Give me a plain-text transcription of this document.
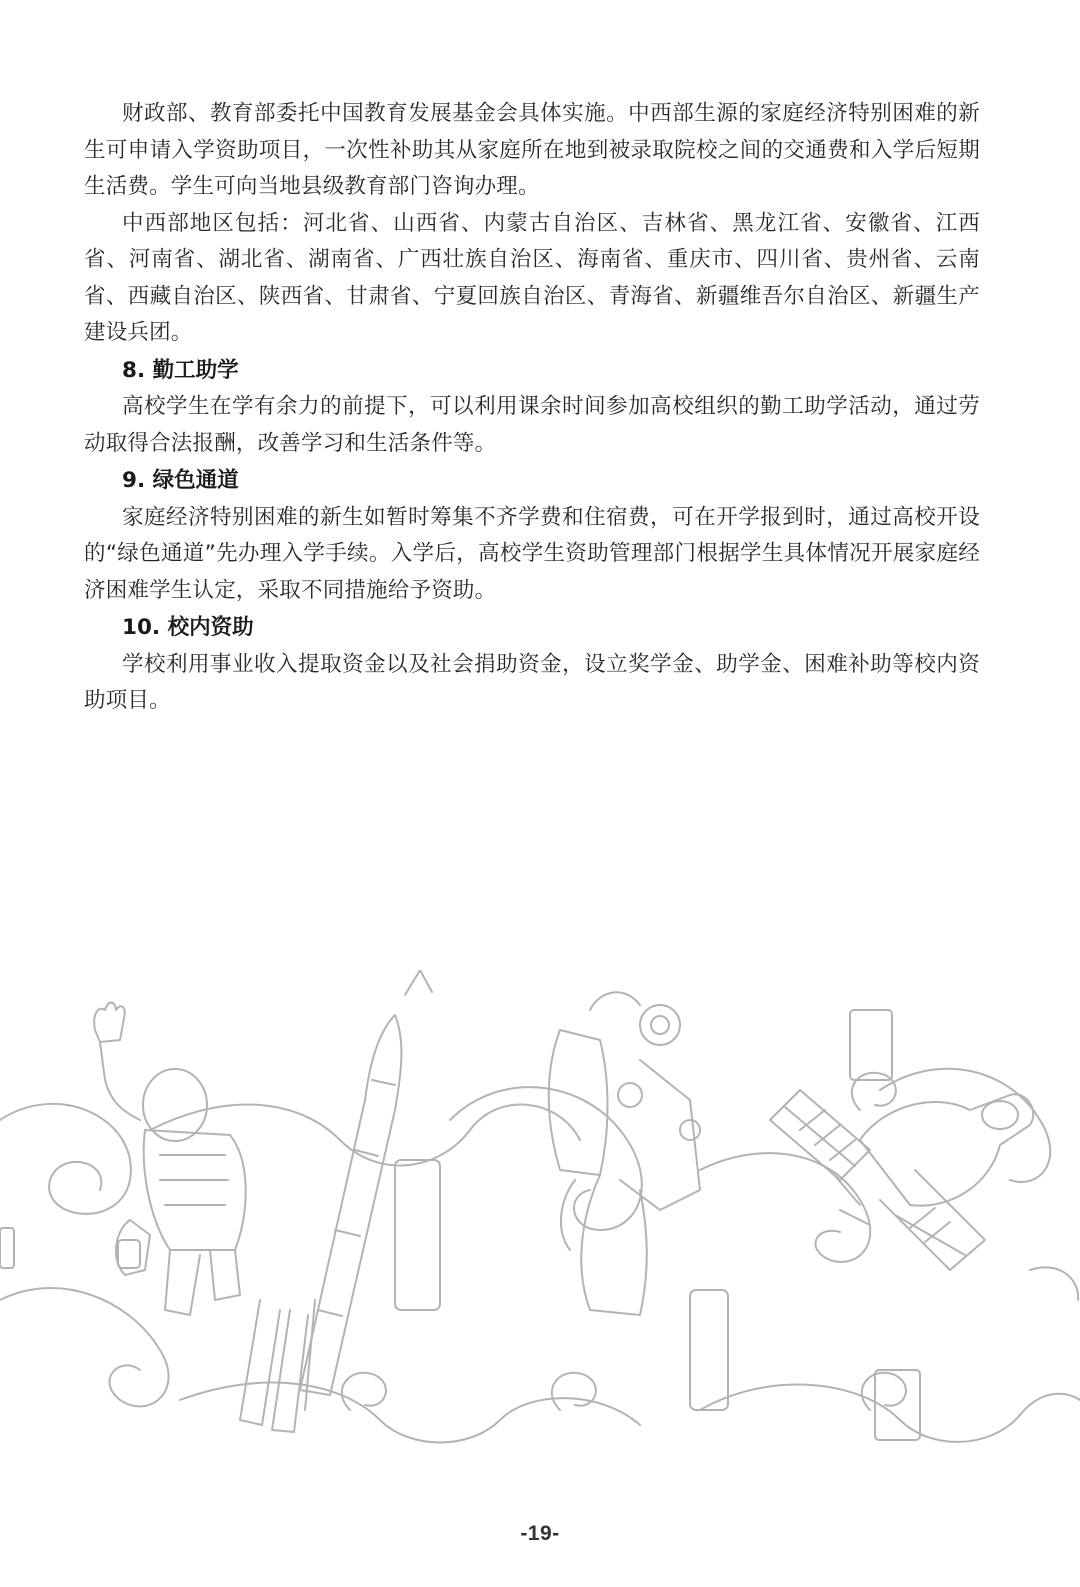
财政部、教育部委托中国教育发展基金会具体实施。中西部生源的家庭经济特别困难的新生可申请入学资助项目，一次性补助其从家庭所在地到被录取院校之间的交通费和入学后短期生活费。学生可向当地县级教育部门咨询办理。

中西部地区包括：河北省、山西省、内蒙古自治区、吉林省、黑龙江省、安徽省、江西省、河南省、湖北省、湖南省、广西壮族自治区、海南省、重庆市、四川省、贵州省、云南省、西藏自治区、陕西省、甘肃省、宁夏回族自治区、青海省、新疆维吾尔自治区、新疆生产建设兵团。

8. 勤工助学

高校学生在学有余力的前提下，可以利用课余时间参加高校组织的勤工助学活动，通过劳动取得合法报酬，改善学习和生活条件等。

9. 绿色通道

家庭经济特别困难的新生如暂时筹集不齐学费和住宿费，可在开学报到时，通过高校开设的“绿色通道”先办理入学手续。入学后，高校学生资助管理部门根据学生具体情况开展家庭经济困难学生认定，采取不同措施给予资助。

10. 校内资助

学校利用事业收入提取资金以及社会捐助资金，设立奖学金、助学金、困难补助等校内资助项目。

-19-
